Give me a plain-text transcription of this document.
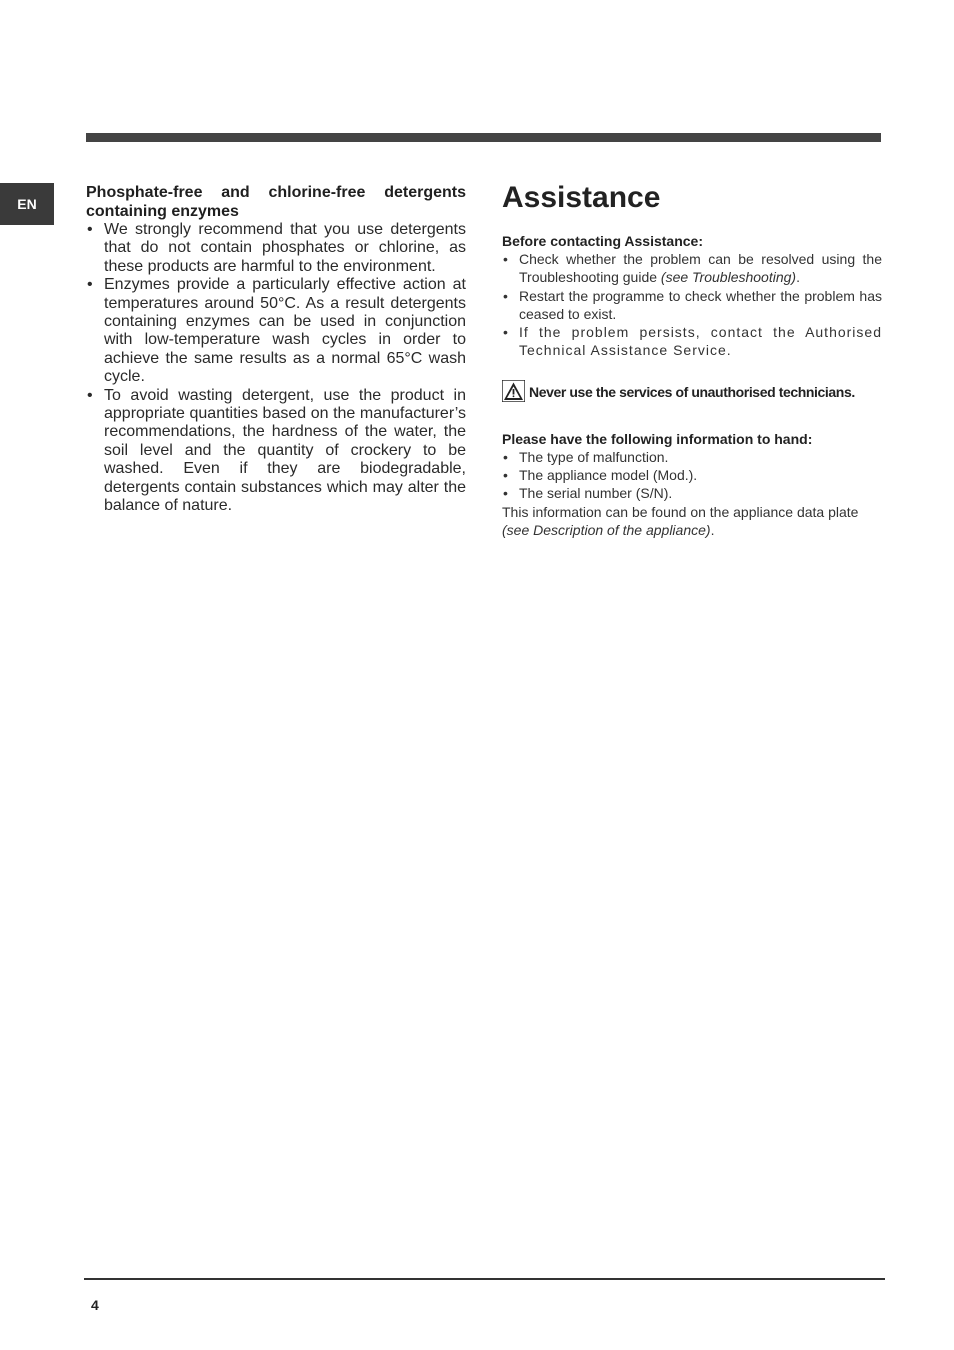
EN
Phosphate-free and chlorine-free detergents containing enzymes
• We strongly recommend that you use detergents that do not contain phosphates or chlorine, as these products are harmful to the environment.
• Enzymes provide a particularly effective action at temperatures around 50°C. As a result detergents containing enzymes can be used in conjunction with low-temperature wash cycles in order to achieve the same results as a normal 65°C wash cycle.
• To avoid wasting detergent, use the product in appropriate quantities based on the manufacturer’s recommendations, the hardness of the water, the soil level and the quantity of crockery to be washed. Even if they are biodegradable, detergents contain substances which may alter the balance of nature.
Assistance

Before contacting Assistance:

• Check whether the problem can be resolved using the Troubleshooting guide (see Troubleshooting).
• Restart the programme to check whether the problem has ceased to exist.
• If the problem persists, contact the Authorised Technical Assistance Service.
Never use the services of unauthorised technicians.

Please have the following information to hand:

• The type of malfunction.
• The appliance model (Mod.).
• The serial number (S/N).

This information can be found on the appliance data plate
(see Description of the appliance).

4
